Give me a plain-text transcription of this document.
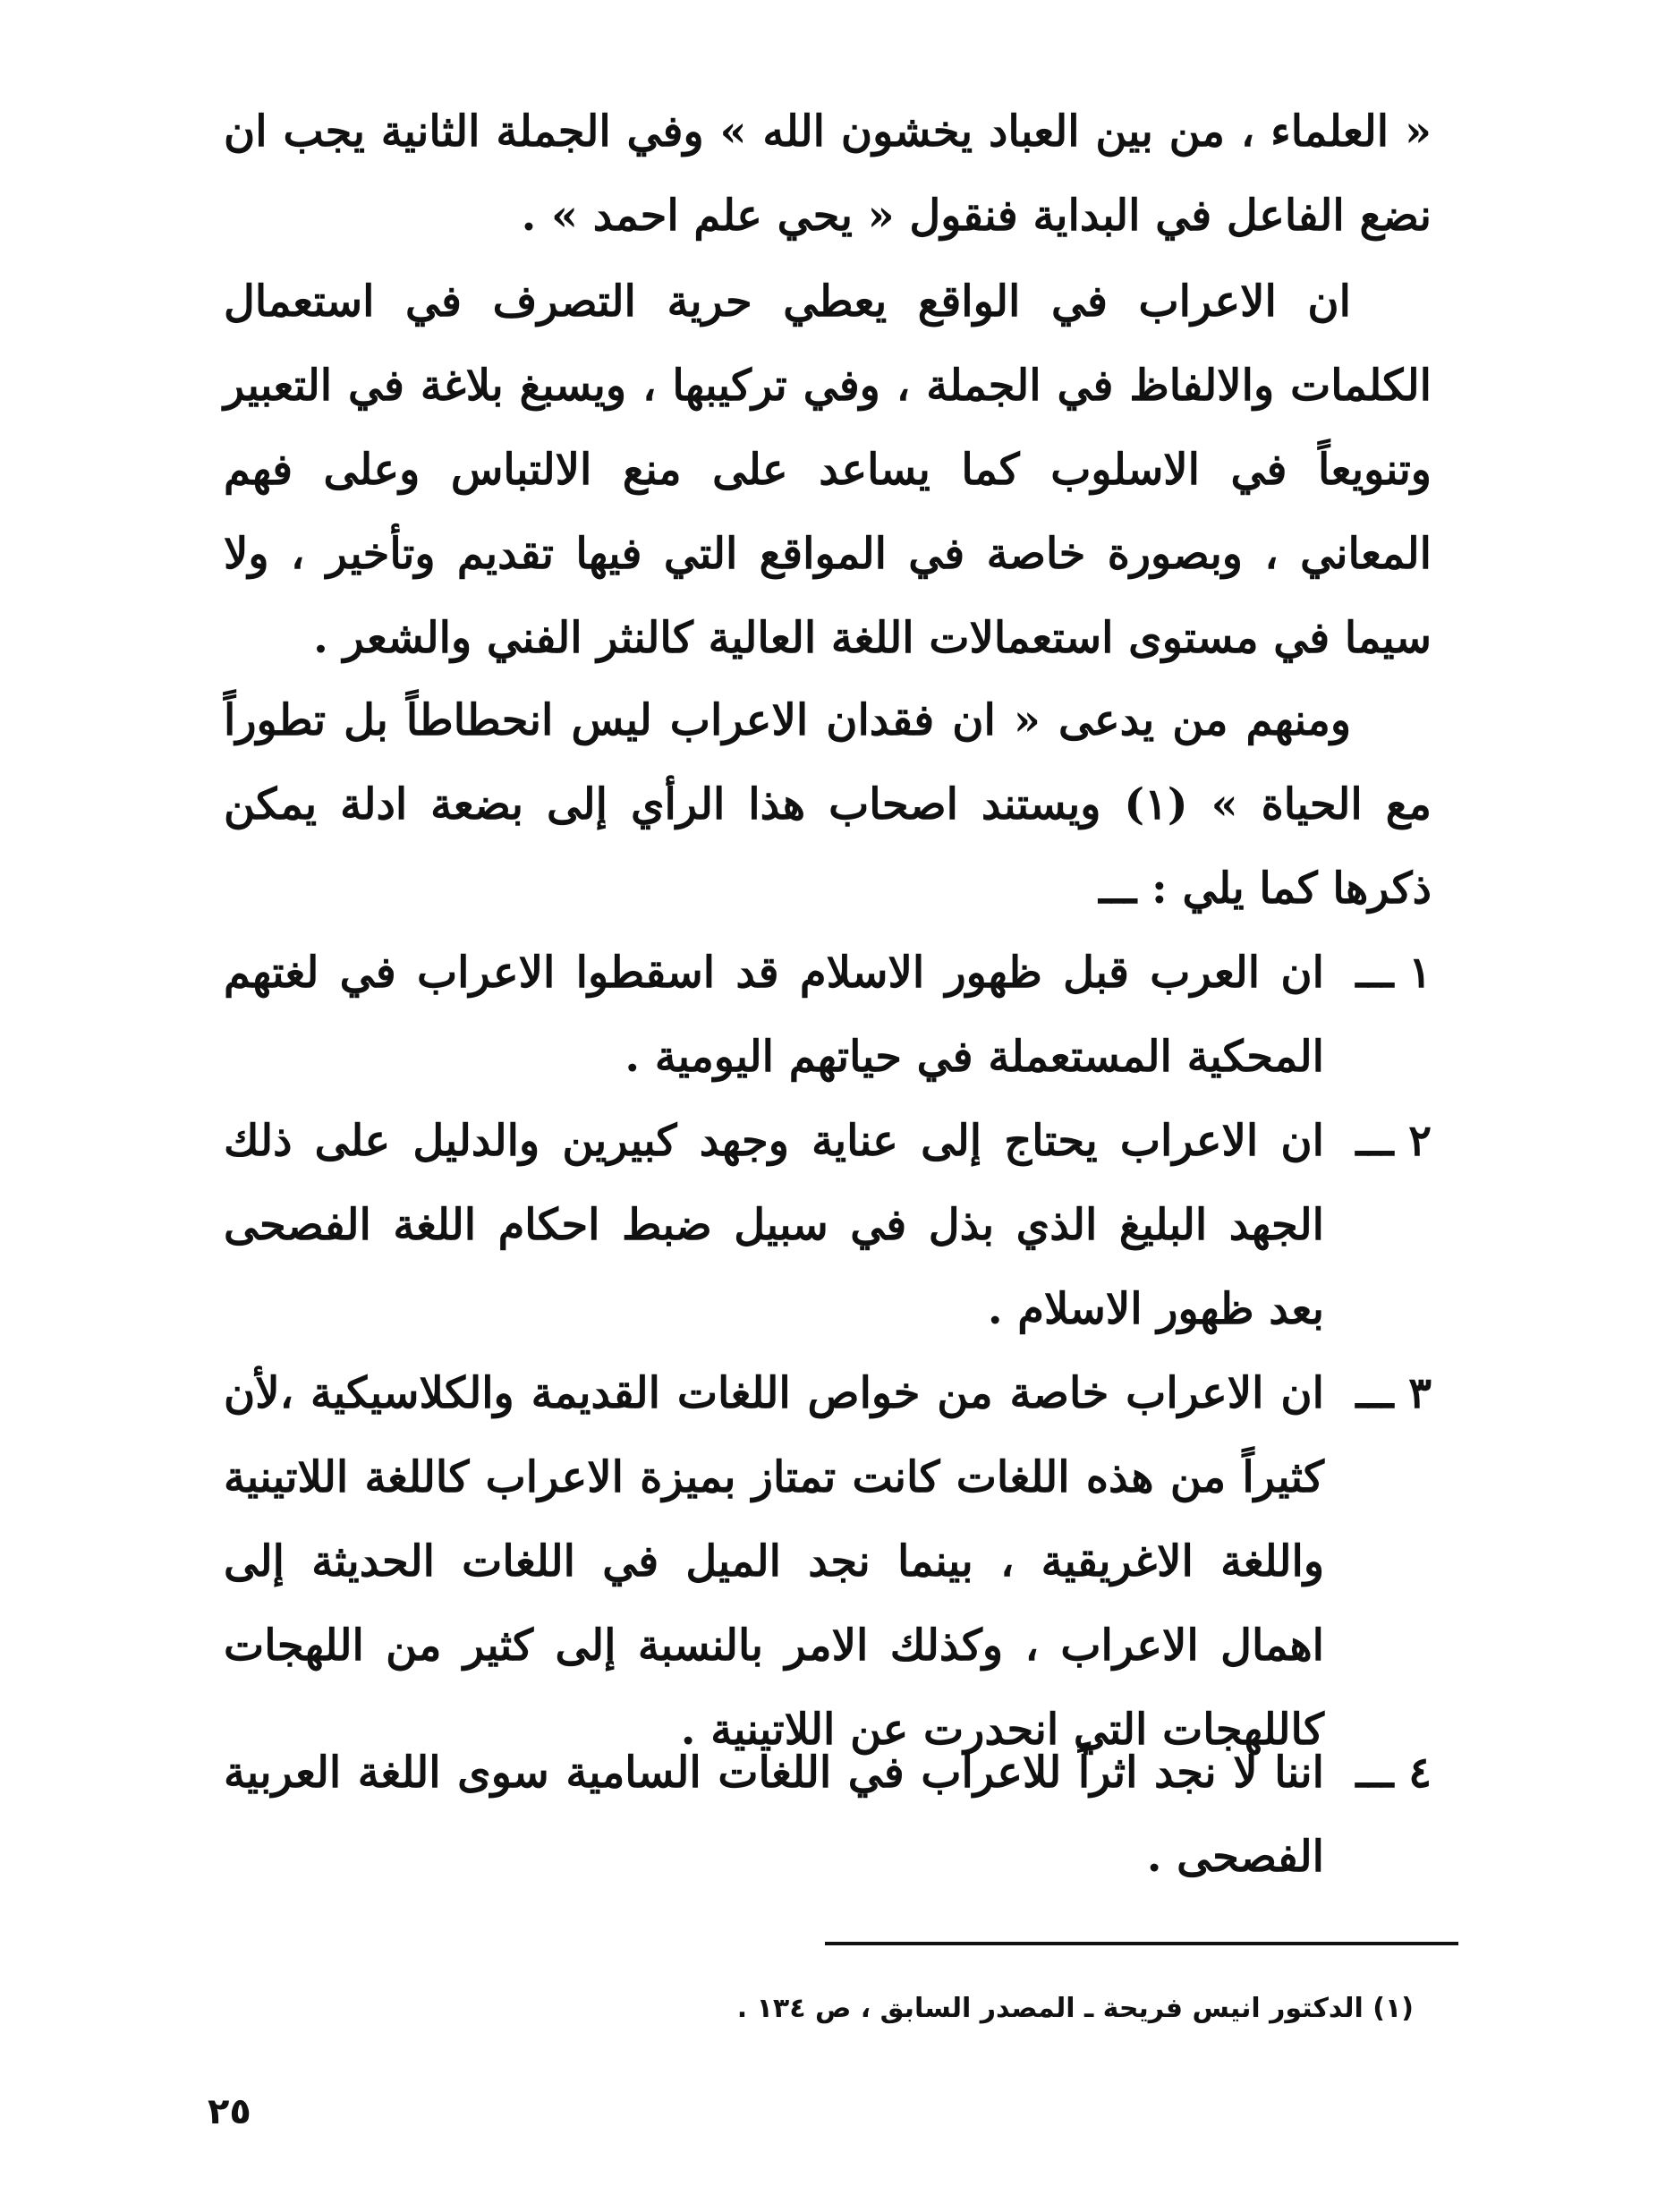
« العلماء ، من بين العباد يخشون الله » وفي الجملة الثانية يجب ان نضع الفاعل في البداية فنقول « يحي علم احمد » .

ان الاعراب في الواقع يعطي حرية التصرف في استعمال الكلمات والالفاظ في الجملة ، وفي تركيبها ، ويسبغ بلاغة في التعبير وتنويعاً في الاسلوب كما يساعد على منع الالتباس وعلى فهم المعاني ، وبصورة خاصة في المواقع التي فيها تقديم وتأخير ، ولا سيما في مستوى استعمالات اللغة العالية كالنثر الفني والشعر .

ومنهم من يدعى « ان فقدان الاعراب ليس انحطاطاً بل تطوراً مع الحياة » (١) ويستند اصحاب هذا الرأي إلى بضعة ادلة يمكن ذكرها كما يلي : ـــ

١ ـــ
ان العرب قبل ظهور الاسلام قد اسقطوا الاعراب في لغتهم المحكية المستعملة في حياتهم اليومية .
٢ ـــ
ان الاعراب يحتاج إلى عناية وجهد كبيرين والدليل على ذلك الجهد البليغ الذي بذل في سبيل ضبط احكام اللغة الفصحى بعد ظهور الاسلام .
٣ ـــ
ان الاعراب خاصة من خواص اللغات القديمة والكلاسيكية ،لأن كثيراً من هذه اللغات كانت تمتاز بميزة الاعراب كاللغة اللاتينية واللغة الاغريقية ، بينما نجد الميل في اللغات الحديثة إلى اهمال الاعراب ، وكذلك الامر بالنسبة إلى كثير من اللهجات كاللهجات التي انحدرت عن اللاتينية .
٤ ـــ
اننا لا نجد اثراً للاعراب في اللغات السامية سوى اللغة العربية الفصحى .
(١) الدكتور انيس فريحة ـ المصدر السابق ، ص ١٣٤ .
٢٥
